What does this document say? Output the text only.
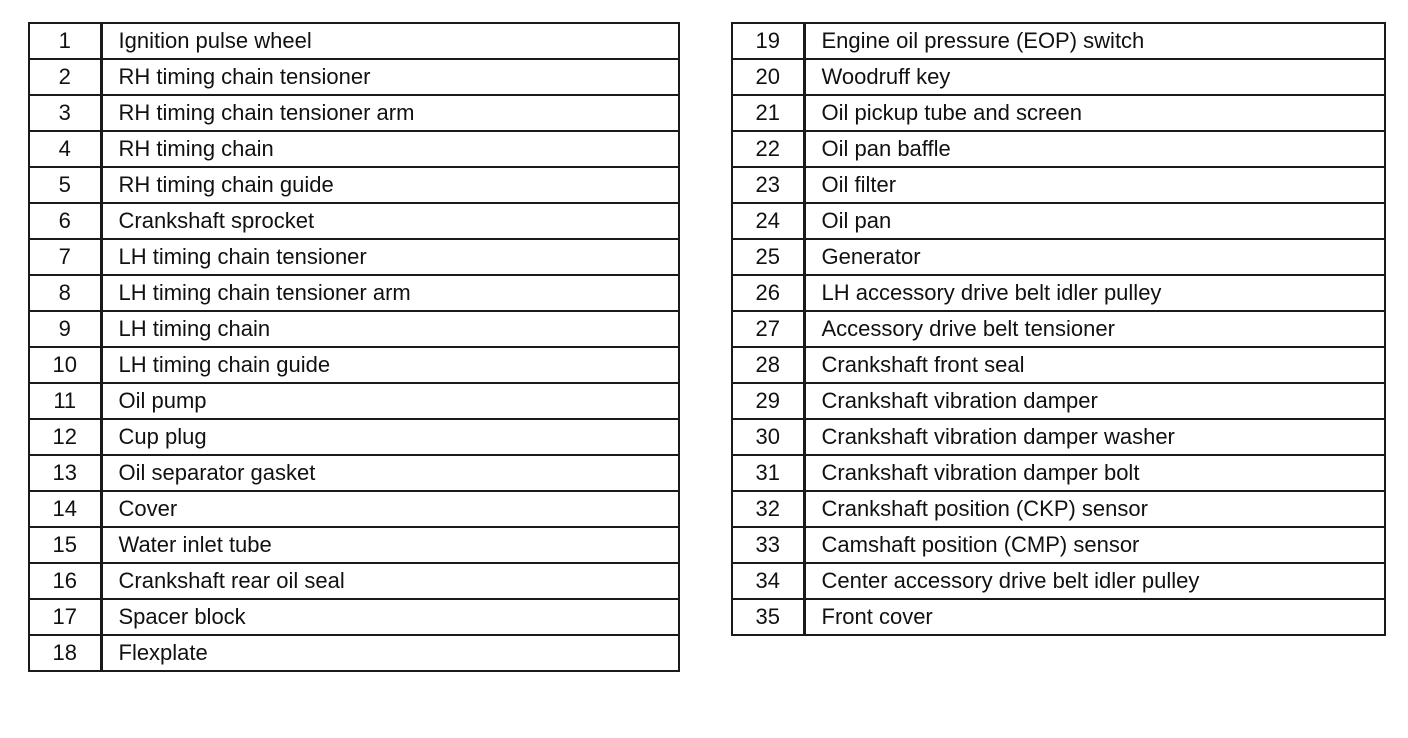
1	Ignition pulse wheel
2	RH timing chain tensioner
3	RH timing chain tensioner arm
4	RH timing chain
5	RH timing chain guide
6	Crankshaft sprocket
7	LH timing chain tensioner
8	LH timing chain tensioner arm
9	LH timing chain
10	LH timing chain guide
11	Oil pump
12	Cup plug
13	Oil separator gasket
14	Cover
15	Water inlet tube
16	Crankshaft rear oil seal
17	Spacer block
18	Flexplate
19	Engine oil pressure (EOP) switch
20	Woodruff key
21	Oil pickup tube and screen
22	Oil pan baffle
23	Oil filter
24	Oil pan
25	Generator
26	LH accessory drive belt idler pulley
27	Accessory drive belt tensioner
28	Crankshaft front seal
29	Crankshaft vibration damper
30	Crankshaft vibration damper washer
31	Crankshaft vibration damper bolt
32	Crankshaft position (CKP) sensor
33	Camshaft position (CMP) sensor
34	Center accessory drive belt idler pulley
35	Front cover
